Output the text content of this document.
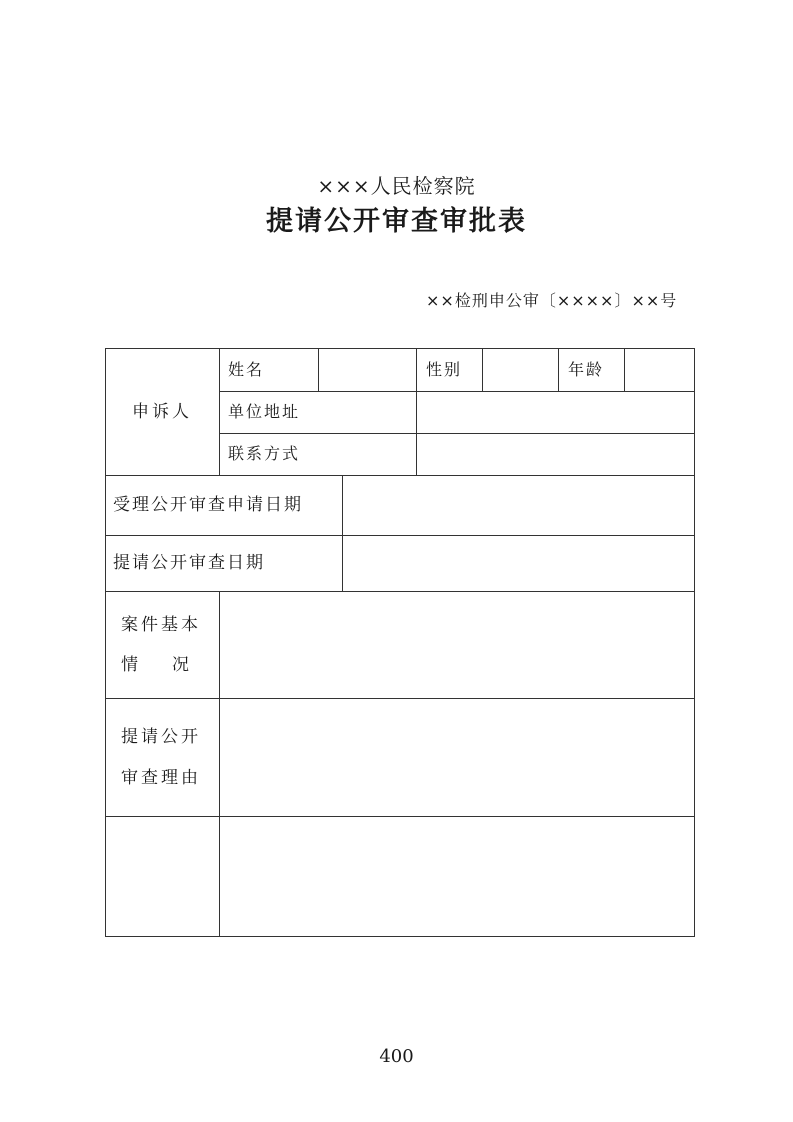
×××人民检察院
提请公开审查审批表
××检刑申公审〔××××〕××号
申诉人
姓名	性别	年龄
单位地址
联系方式
受理公开审查申请日期
提请公开审查日期
案件基本
情　　况
提请公开
审查理由
400
